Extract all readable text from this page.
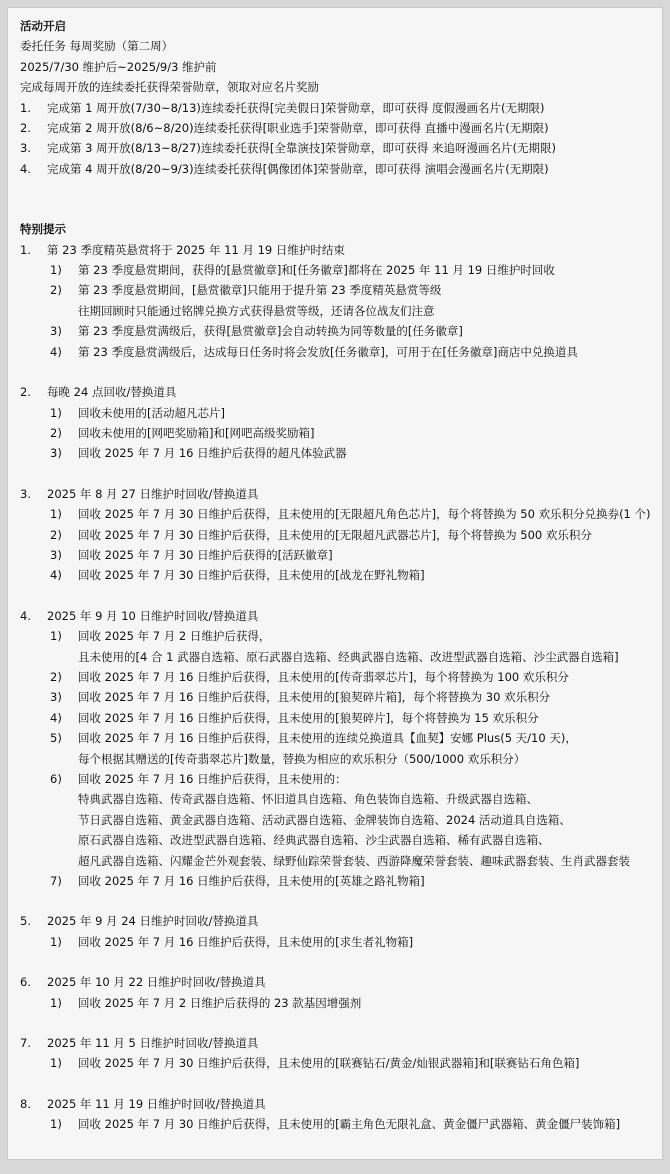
活动开启
委托任务 每周奖励（第二周）
2025/7/30 维护后~2025/9/3 维护前
完成每周开放的连续委托获得荣誉勋章，领取对应名片奖励
1. 完成第 1 周开放(7/30~8/13)连续委托获得[完美假日]荣誉勋章，即可获得 度假漫画名片(无期限)
2. 完成第 2 周开放(8/6~8/20)连续委托获得[职业选手]荣誉勋章，即可获得 直播中漫画名片(无期限)
3. 完成第 3 周开放(8/13~8/27)连续委托获得[全靠演技]荣誉勋章，即可获得 来追呀漫画名片(无期限)
4. 完成第 4 周开放(8/20~9/3)连续委托获得[偶像团体]荣誉勋章，即可获得 演唱会漫画名片(无期限)
特别提示
1. 第 23 季度精英悬赏将于 2025 年 11 月 19 日维护时结束
1) 第 23 季度悬赏期间，获得的[悬赏徽章]和[任务徽章]都将在 2025 年 11 月 19 日维护时回收
2) 第 23 季度悬赏期间，[悬赏徽章]只能用于提升第 23 季度精英悬赏等级
往期回顾时只能通过铭牌兑换方式获得悬赏等级，还请各位战友们注意
3) 第 23 季度悬赏满级后，获得[悬赏徽章]会自动转换为同等数量的[任务徽章]
4) 第 23 季度悬赏满级后，达成每日任务时将会发放[任务徽章]，可用于在[任务徽章]商店中兑换道具
2. 每晚 24 点回收/替换道具
1) 回收未使用的[活动超凡芯片]
2) 回收未使用的[网吧奖励箱]和[网吧高级奖励箱]
3) 回收 2025 年 7 月 16 日维护后获得的超凡体验武器
3. 2025 年 8 月 27 日维护时回收/替换道具
1) 回收 2025 年 7 月 30 日维护后获得，且未使用的[无限超凡角色芯片]，每个将替换为 50 欢乐积分兑换券(1 个)
2) 回收 2025 年 7 月 30 日维护后获得，且未使用的[无限超凡武器芯片]，每个将替换为 500 欢乐积分
3) 回收 2025 年 7 月 30 日维护后获得的[活跃徽章]
4) 回收 2025 年 7 月 30 日维护后获得，且未使用的[战龙在野礼物箱]
4. 2025 年 9 月 10 日维护时回收/替换道具
1) 回收 2025 年 7 月 2 日维护后获得，
且未使用的[4 合 1 武器自选箱、原石武器自选箱、经典武器自选箱、改进型武器自选箱、沙尘武器自选箱]
2) 回收 2025 年 7 月 16 日维护后获得，且未使用的[传奇翡翠芯片]，每个将替换为 100 欢乐积分
3) 回收 2025 年 7 月 16 日维护后获得，且未使用的[狼契碎片箱]，每个将替换为 30 欢乐积分
4) 回收 2025 年 7 月 16 日维护后获得，且未使用的[狼契碎片]，每个将替换为 15 欢乐积分
5) 回收 2025 年 7 月 16 日维护后获得，且未使用的连续兑换道具【血契】安娜 Plus(5 天/10 天)，
每个根据其赠送的[传奇翡翠芯片]数量，替换为相应的欢乐积分（500/1000 欢乐积分）
6) 回收 2025 年 7 月 16 日维护后获得，且未使用的：
特典武器自选箱、传奇武器自选箱、怀旧道具自选箱、角色装饰自选箱、升级武器自选箱、
节日武器自选箱、黄金武器自选箱、活动武器自选箱、金牌装饰自选箱、2024 活动道具自选箱、
原石武器自选箱、改进型武器自选箱、经典武器自选箱、沙尘武器自选箱、稀有武器自选箱、
超凡武器自选箱、闪耀金芒外观套装、绿野仙踪荣誉套装、西游降魔荣誉套装、趣味武器套装、生肖武器套装
7) 回收 2025 年 7 月 16 日维护后获得，且未使用的[英雄之路礼物箱]
5. 2025 年 9 月 24 日维护时回收/替换道具
1) 回收 2025 年 7 月 16 日维护后获得，且未使用的[求生者礼物箱]
6. 2025 年 10 月 22 日维护时回收/替换道具
1) 回收 2025 年 7 月 2 日维护后获得的 23 款基因增强剂
7. 2025 年 11 月 5 日维护时回收/替换道具
1) 回收 2025 年 7 月 30 日维护后获得，且未使用的[联赛钻石/黄金/灿银武器箱]和[联赛钻石角色箱]
8. 2025 年 11 月 19 日维护时回收/替换道具
1) 回收 2025 年 7 月 30 日维护后获得，且未使用的[霸主角色无限礼盒、黄金僵尸武器箱、黄金僵尸装饰箱]
